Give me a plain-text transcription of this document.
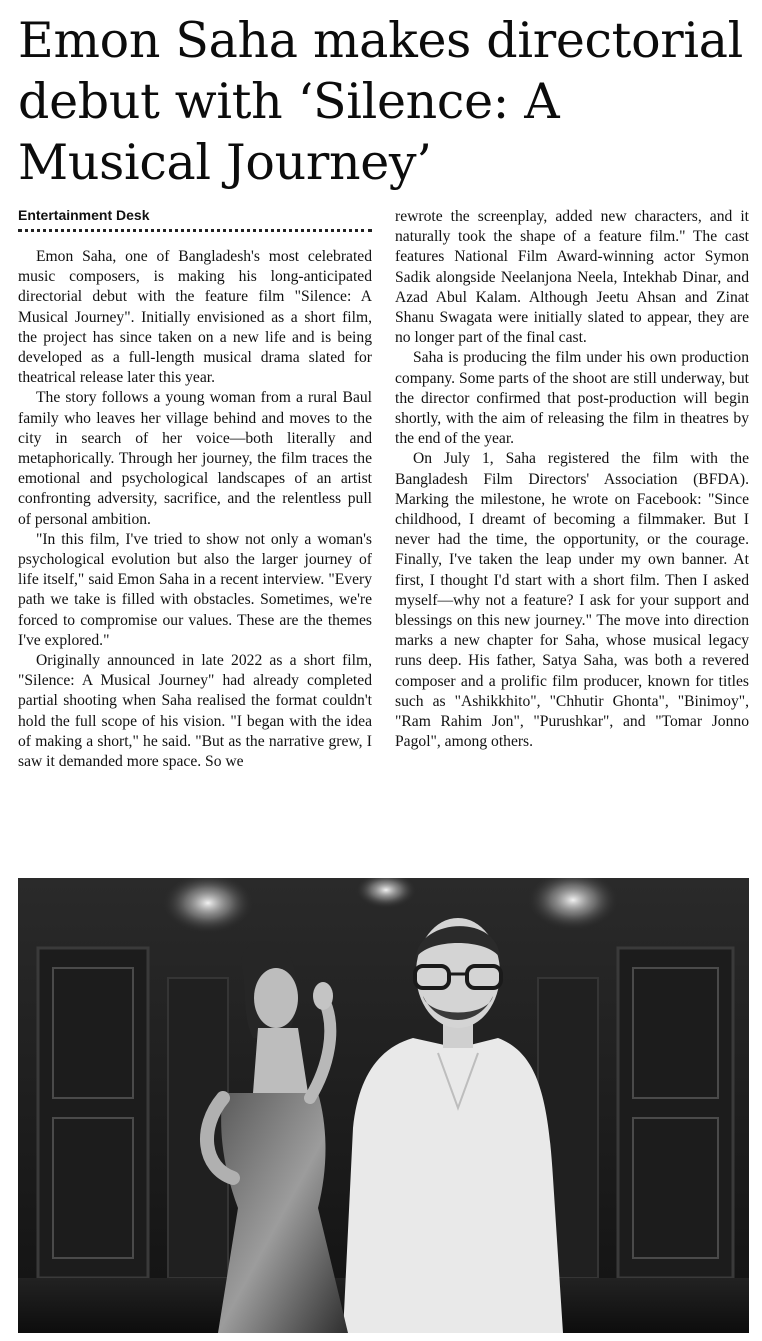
Emon Saha makes directorial debut with ‘Silence: A Musical Journey’
Entertainment Desk

Emon Saha, one of Bangladesh's most celebrated music composers, is making his long-anticipated directorial debut with the feature film "Silence: A Musical Journey". Initially envisioned as a short film, the project has since taken on a new life and is being developed as a full-length musical drama slated for theatrical release later this year.

The story follows a young woman from a rural Baul family who leaves her village behind and moves to the city in search of her voice—both literally and metaphorically. Through her journey, the film traces the emotional and psychological landscapes of an artist confronting adversity, sacrifice, and the relentless pull of personal ambition.

"In this film, I've tried to show not only a woman's psychological evolution but also the larger journey of life itself," said Emon Saha in a recent interview. "Every path we take is filled with obstacles. Sometimes, we're forced to compromise our values. These are the themes I've explored."

Originally announced in late 2022 as a short film, "Silence: A Musical Journey" had already completed partial shooting when Saha realised the format couldn't hold the full scope of his vision. "I began with the idea of making a short," he said. "But as the narrative grew, I saw it demanded more space. So we

rewrote the screenplay, added new characters, and it naturally took the shape of a feature film." The cast features National Film Award-winning actor Symon Sadik alongside Neelanjona Neela, Intekhab Dinar, and Azad Abul Kalam. Although Jeetu Ahsan and Zinat Shanu Swagata were initially slated to appear, they are no longer part of the final cast.

Saha is producing the film under his own production company. Some parts of the shoot are still underway, but the director confirmed that post-production will begin shortly, with the aim of releasing the film in theatres by the end of the year.

On July 1, Saha registered the film with the Bangladesh Film Directors' Association (BFDA). Marking the milestone, he wrote on Facebook: "Since childhood, I dreamt of becoming a filmmaker. But I never had the time, the opportunity, or the courage. Finally, I've taken the leap under my own banner. At first, I thought I'd start with a short film. Then I asked myself—why not a feature? I ask for your support and blessings on this new journey." The move into direction marks a new chapter for Saha, whose musical legacy runs deep. His father, Satya Saha, was both a revered composer and a prolific film producer, known for titles such as "Ashikkhito", "Chhutir Ghonta", "Binimoy", "Ram Rahim Jon", "Purushkar", and "Tomar Jonno Pagol", among others.
